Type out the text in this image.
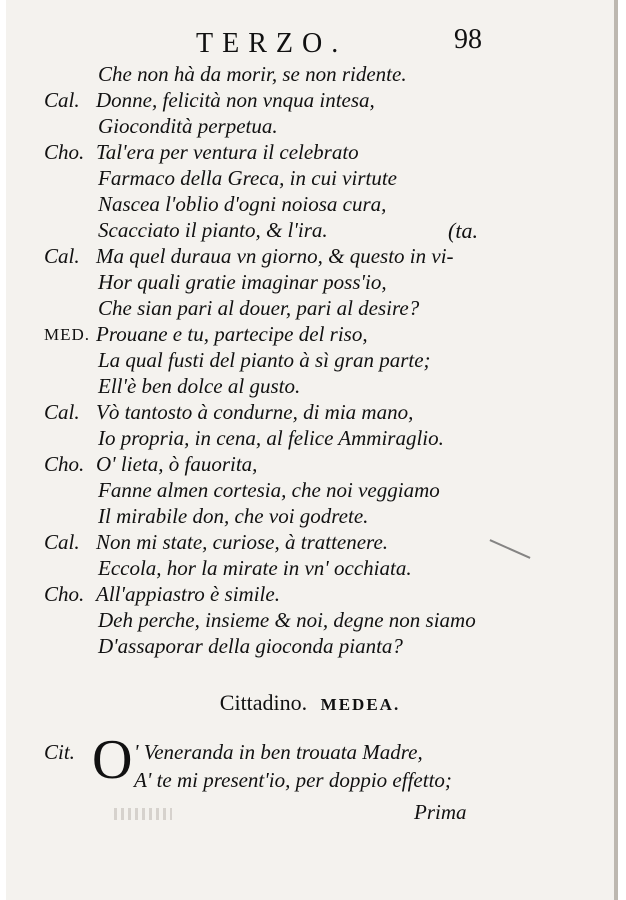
TERZO.	98
Che non hà da morir, se non ridente.
Cal. Donne, felicità non vnqua intesa,
Giocondità perpetua.
Cho. Tal'era per ventura il celebrato
Farmaco della Greca, in cui virtute
Nascea l'oblio d'ogni noiosa cura,
Scacciato il pianto, & l'ira.	(ta.
Cal. Ma quel duraua vn giorno, & questo in vi-
Hor quali gratie imaginar poss'io,
Che sian pari al douer, pari al desire?
MED. Prouane e tu, partecipe del riso,
La qual fusti del pianto à sì gran parte;
Ell'è ben dolce al gusto.
Cal. Vò tantosto à condurne, di mia mano,
Io propria, in cena, al felice Ammiraglio.
Cho. O' lieta, ò fauorita,
Fanne almen cortesia, che noi veggiamo
Il mirabile don, che voi godrete.
Cal. Non mi state, curiose, à trattenere.
Eccola, hor la mirate in vn' occhiata.
Cho. All'appiastro è simile.
Deh perche, insieme & noi, degne non siamo
D'assaporar della gioconda pianta?
Cittadino. MEDEA.
Cit. O ' Veneranda in ben trouata Madre,
A' te mi present'io, per doppio effetto;
Prima
